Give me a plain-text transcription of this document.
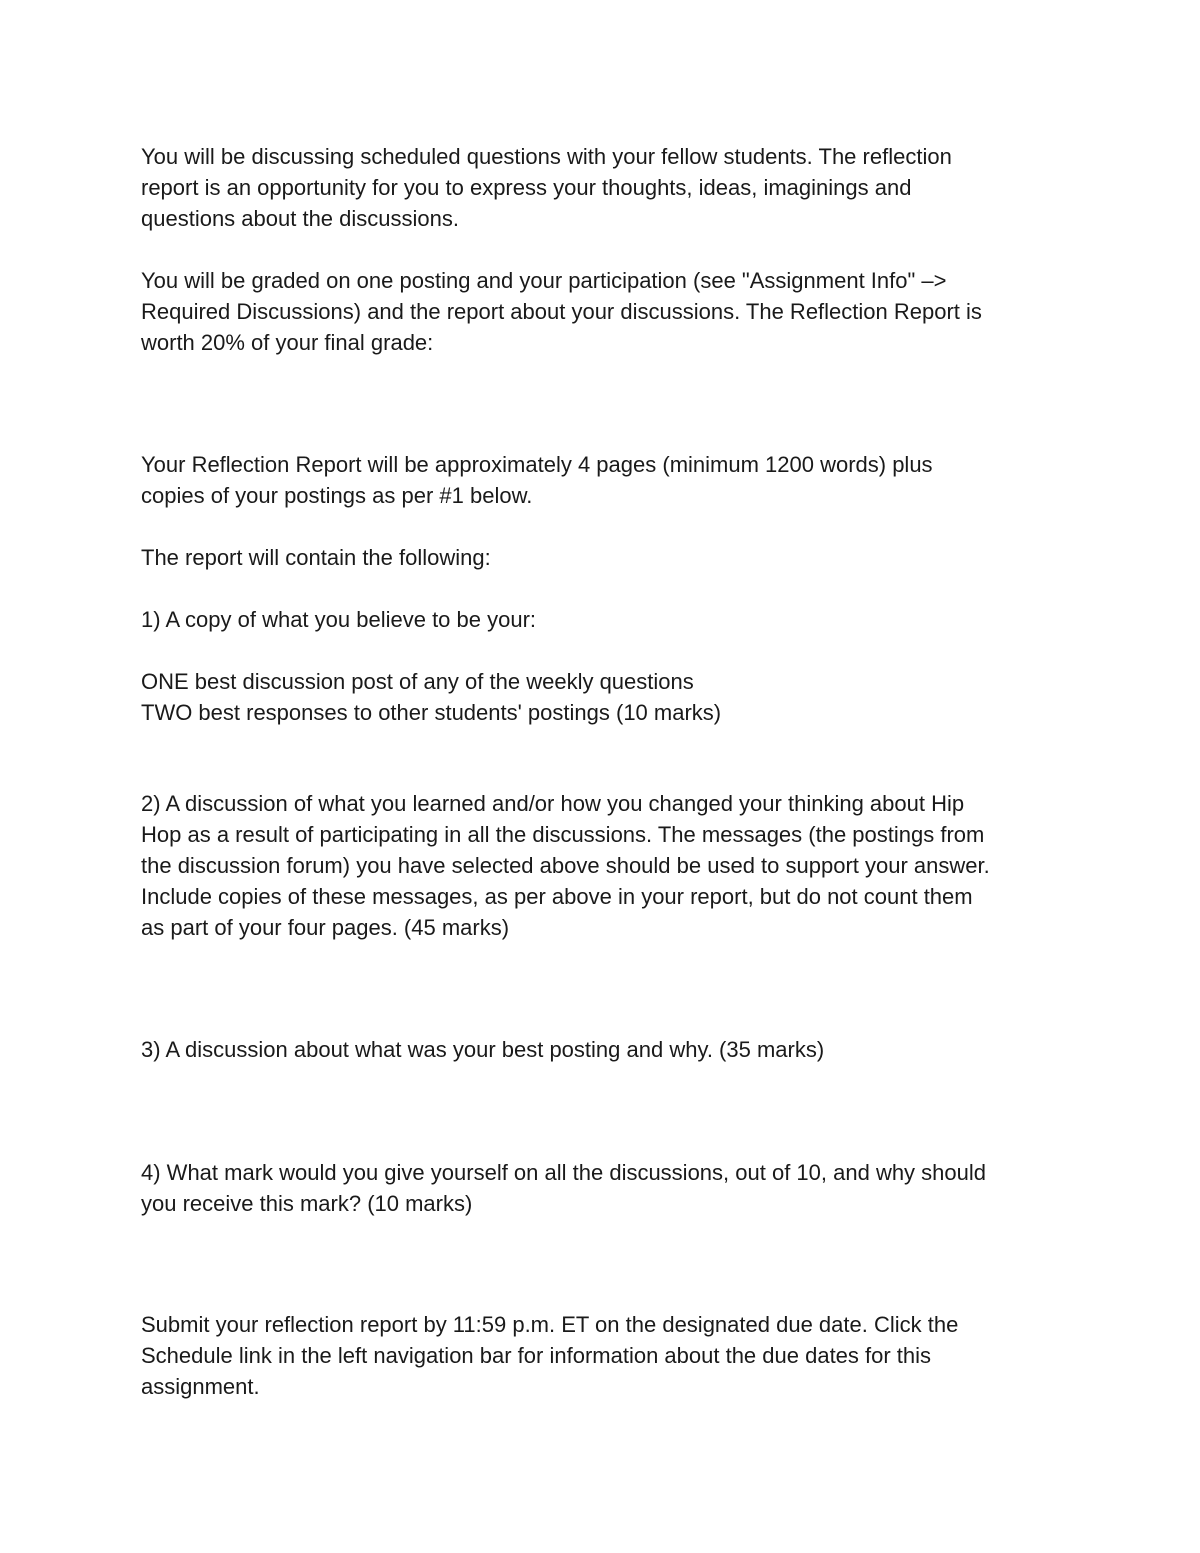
You will be discussing scheduled questions with your fellow students. The reflection
report is an opportunity for you to express your thoughts, ideas, imaginings and
questions about the discussions.
You will be graded on one posting and your participation (see "Assignment Info" –>
Required Discussions) and the report about your discussions. The Reflection Report is
worth 20% of your final grade:
Your Reflection Report will be approximately 4 pages (minimum 1200 words) plus
copies of your postings as per #1 below.
The report will contain the following:
1) A copy of what you believe to be your:
ONE best discussion post of any of the weekly questions
TWO best responses to other students' postings (10 marks)
2) A discussion of what you learned and/or how you changed your thinking about Hip
Hop as a result of participating in all the discussions. The messages (the postings from
the discussion forum) you have selected above should be used to support your answer.
Include copies of these messages, as per above in your report, but do not count them
as part of your four pages. (45 marks)
3) A discussion about what was your best posting and why. (35 marks)
4) What mark would you give yourself on all the discussions, out of 10, and why should
you receive this mark? (10 marks)
Submit your reflection report by 11:59 p.m. ET on the designated due date. Click the
Schedule link in the left navigation bar for information about the due dates for this
assignment.
